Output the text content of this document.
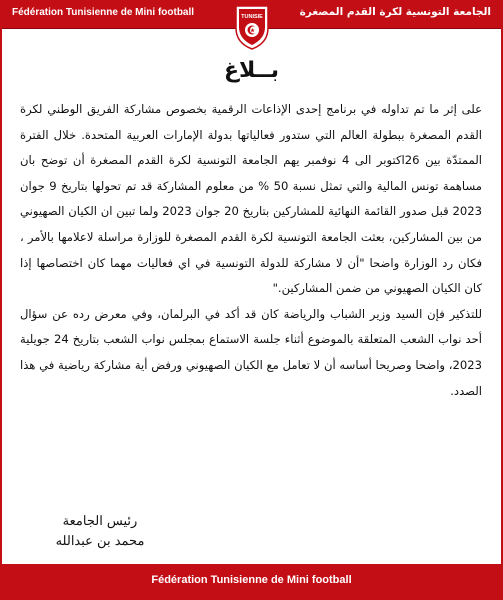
Fédération Tunisienne de Mini football	الجامعة التونسية لكرة القدم المصغرة
TUNISIE
بــلاغ

على إثر ما تم تداوله في برنامج إحدى الإذاعات الرقمية بخصوص مشاركة الفريق الوطني لكرة القدم المصغرة ببطولة العالم التي ستدور فعالياتها بدولة الإمارات العربية المتحدة. خلال الفترة الممتدّة بين 26اكتوبر الى 4 نوفمبر يهم الجامعة التونسية لكرة القدم المصغرة أن توضح بان مساهمة تونس المالية والتي تمثل نسبة 50 % من معلوم المشاركة قد تم تحولها بتاريخ 9 جوان 2023 قبل صدور القائمة النهائية للمشاركين بتاريخ 20 جوان 2023 ولما تبين ان الكيان الصهيوني من بين المشاركين، بعثت الجامعة التونسية لكرة القدم المصغرة للوزارة مراسلة لاعلامها بالأمر ، فكان رد الوزارة واضحا "أن لا مشاركة للدولة التونسية في اي فعاليات مهما كان اختصاصها إذا كان الكيان الصهيوني من ضمن المشاركين."

للتذكير فإن السيد وزير الشباب والرياضة كان قد أكد في البرلمان، وفي معرض رده عن سؤال أحد نواب الشعب المتعلقة بالموضوع أثناء جلسة الاستماع بمجلس نواب الشعب بتاريخ 24 جويلية 2023، واضحا وصريحا أساسه أن لا تعامل مع الكيان الصهيوني ورفض أية مشاركة رياضية في هذا الصدد.

رئيس الجامعة
محمد بن عبدالله
Fédération Tunisienne de Mini football
